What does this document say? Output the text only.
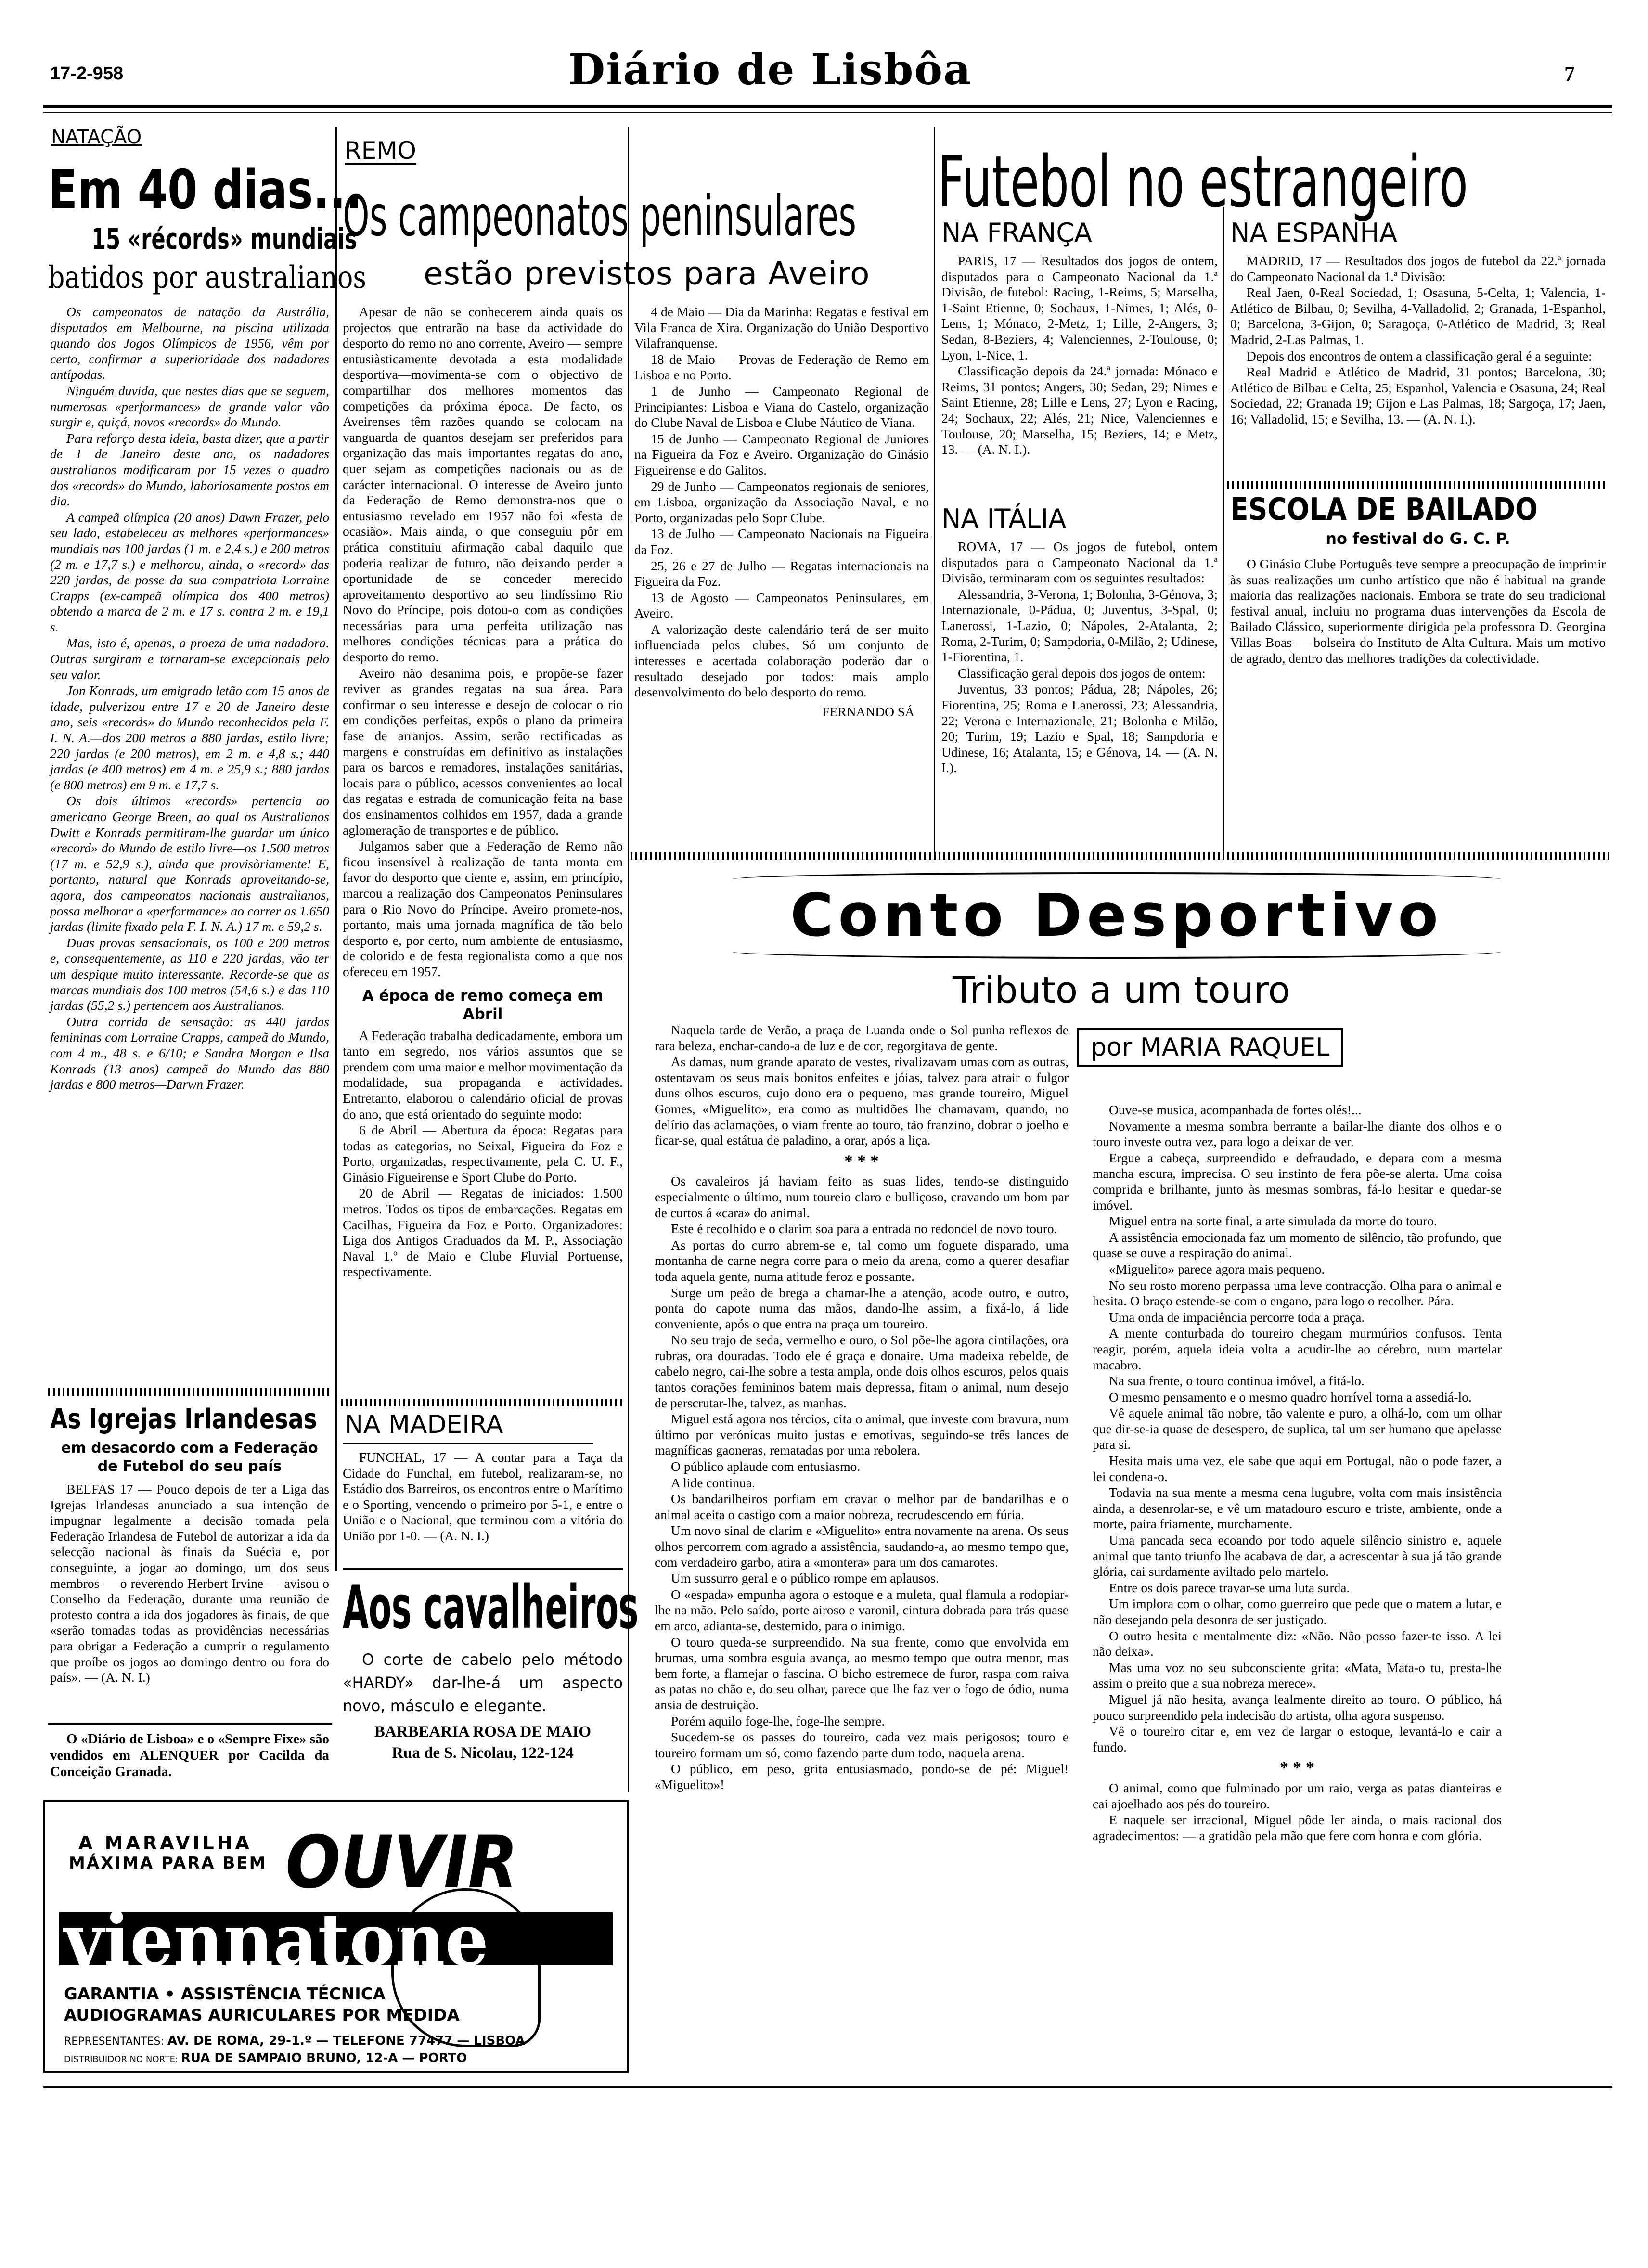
17-2-958	Diário de Lisbôa	7
NATAÇÃO
Em 40 dias...
15 «récords» mundiais
batidos por australianos

Os campeonatos de natação da Austrália, disputados em Melbourne, na piscina utilizada quando dos Jogos Olímpicos de 1956, vêm por certo, confirmar a superioridade dos nadadores antípodas.

Ninguém duvida, que nestes dias que se seguem, numerosas «performances» de grande valor vão surgir e, quiçá, novos «records» do Mundo.

Para reforço desta ideia, basta dizer, que a partir de 1 de Janeiro deste ano, os nadadores australianos modificaram por 15 vezes o quadro dos «records» do Mundo, laboriosamente postos em dia.

A campeã olímpica (20 anos) Dawn Frazer, pelo seu lado, estabeleceu as melhores «performances» mundiais nas 100 jardas (1 m. e 2,4 s.) e 200 metros (2 m. e 17,7 s.) e melhorou, ainda, o «record» das 220 jardas, de posse da sua compatriota Lorraine Crapps (ex-campeã olímpica dos 400 metros) obtendo a marca de 2 m. e 17 s. contra 2 m. e 19,1 s.

Mas, isto é, apenas, a proeza de uma nadadora. Outras surgiram e tornaram-se excepcionais pelo seu valor.

Jon Konrads, um emigrado letão com 15 anos de idade, pulverizou entre 17 e 20 de Janeiro deste ano, seis «records» do Mundo reconhecidos pela F. I. N. A.—dos 200 metros a 880 jardas, estilo livre; 220 jardas (e 200 metros), em 2 m. e 4,8 s.; 440 jardas (e 400 metros) em 4 m. e 25,9 s.; 880 jardas (e 800 metros) em 9 m. e 17,7 s.

Os dois últimos «records» pertencia ao americano George Breen, ao qual os Australianos Dwitt e Konrads permitiram-lhe guardar um único «record» do Mundo de estilo livre—os 1.500 metros (17 m. e 52,9 s.), ainda que provisòriamente! E, portanto, natural que Konrads aproveitando-se, agora, dos campeonatos nacionais australianos, possa melhorar a «performance» ao correr as 1.650 jardas (limite fixado pela F. I. N. A.) 17 m. e 59,2 s.

Duas provas sensacionais, os 100 e 200 metros e, consequentemente, as 110 e 220 jardas, vão ter um despique muito interessante. Recorde-se que as marcas mundiais dos 100 metros (54,6 s.) e das 110 jardas (55,2 s.) pertencem aos Australianos.

Outra corrida de sensação: as 440 jardas femininas com Lorraine Crapps, campeã do Mundo, com 4 m., 48 s. e 6/10; e Sandra Morgan e Ilsa Konrads (13 anos) campeã do Mundo das 880 jardas e 800 metros—Darwn Frazer.

As Igrejas Irlandesas
em desacordo com a Federação de Futebol do seu país

BELFAS 17 — Pouco depois de ter a Liga das Igrejas Irlandesas anunciado a sua intenção de impugnar legalmente a decisão tomada pela Federação Irlandesa de Futebol de autorizar a ida da selecção nacional às finais da Suécia e, por conseguinte, a jogar ao domingo, um dos seus membros — o reverendo Herbert Irvine — avisou o Conselho da Federação, durante uma reunião de protesto contra a ida dos jogadores às finais, de que «serão tomadas todas as providências necessárias para obrigar a Federação a cumprir o regulamento que proíbe os jogos ao domingo dentro ou fora do país». — (A. N. I.)

O «Diário de Lisboa» e o «Sempre Fixe» são vendidos em ALENQUER por Cacilda da Conceição Granada.

A MARAVILHA
MÁXIMA PARA BEM OUVIR
viennatone
GARANTIA • ASSISTÊNCIA TÉCNICA
AUDIOGRAMAS AURICULARES POR MEDIDA
REPRESENTANTES: AV. DE ROMA, 29-1.º — TELEFONE 77477 — LISBOA
DISTRIBUIDOR NO NORTE: RUA DE SAMPAIO BRUNO, 12-A — PORTO
REMO
Os campeonatos peninsulares
estão previstos para Aveiro

Apesar de não se conhecerem ainda quais os projectos que entrarão na base da actividade do desporto do remo no ano corrente, Aveiro — sempre entusiàsticamente devotada a esta modalidade desportiva—movimenta-se com o objectivo de compartilhar dos melhores momentos das competições da próxima época. De facto, os Aveirenses têm razões quando se colocam na vanguarda de quantos desejam ser preferidos para organização das mais importantes regatas do ano, quer sejam as competições nacionais ou as de carácter internacional. O interesse de Aveiro junto da Federação de Remo demonstra-nos que o entusiasmo revelado em 1957 não foi «festa de ocasião». Mais ainda, o que conseguiu pôr em prática constituiu afirmação cabal daquilo que poderia realizar de futuro, não deixando perder a oportunidade de se conceder merecido aproveitamento desportivo ao seu lindíssimo Rio Novo do Príncipe, pois dotou-o com as condições necessárias para uma perfeita utilização nas melhores condições técnicas para a prática do desporto do remo.

Aveiro não desanima pois, e propõe-se fazer reviver as grandes regatas na sua área. Para confirmar o seu interesse e desejo de colocar o rio em condições perfeitas, expôs o plano da primeira fase de arranjos. Assim, serão rectificadas as margens e construídas em definitivo as instalações para os barcos e remadores, instalações sanitárias, locais para o público, acessos convenientes ao local das regatas e estrada de comunicação feita na base dos ensinamentos colhidos em 1957, dada a grande aglomeração de transportes e de público.

Julgamos saber que a Federação de Remo não ficou insensível à realização de tanta monta em favor do desporto que ciente e, assim, em princípio, marcou a realização dos Campeonatos Peninsulares para o Rio Novo do Príncipe. Aveiro promete-nos, portanto, mais uma jornada magnífica de tão belo desporto e, por certo, num ambiente de entusiasmo, de colorido e de festa regionalista como a que nos ofereceu em 1957.

A época de remo começa em Abril

A Federação trabalha dedicadamente, embora um tanto em segredo, nos vários assuntos que se prendem com uma maior e melhor movimentação da modalidade, sua propaganda e actividades. Entretanto, elaborou o calendário oficial de provas do ano, que está orientado do seguinte modo:

6 de Abril — Abertura da época: Regatas para todas as categorias, no Seixal, Figueira da Foz e Porto, organizadas, respectivamente, pela C. U. F., Ginásio Figueirense e Sport Clube do Porto.

20 de Abril — Regatas de iniciados: 1.500 metros. Todos os tipos de embarcações. Regatas em Cacilhas, Figueira da Foz e Porto. Organizadores: Liga dos Antigos Graduados da M. P., Associação Naval 1.º de Maio e Clube Fluvial Portuense, respectivamente.

4 de Maio — Dia da Marinha: Regatas e festival em Vila Franca de Xira. Organização do União Desportivo Vilafranquense.

18 de Maio — Provas de Federação de Remo em Lisboa e no Porto.

1 de Junho — Campeonato Regional de Principiantes: Lisboa e Viana do Castelo, organização do Clube Naval de Lisboa e Clube Náutico de Viana.

15 de Junho — Campeonato Regional de Juniores na Figueira da Foz e Aveiro. Organização do Ginásio Figueirense e do Galitos.

29 de Junho — Campeonatos regionais de seniores, em Lisboa, organização da Associação Naval, e no Porto, organizadas pelo Sopr Clube.

13 de Julho — Campeonato Nacionais na Figueira da Foz.

25, 26 e 27 de Julho — Regatas internacionais na Figueira da Foz.

13 de Agosto — Campeonatos Peninsulares, em Aveiro.

A valorização deste calendário terá de ser muito influenciada pelos clubes. Só um conjunto de interesses e acertada colaboração poderão dar o resultado desejado por todos: mais amplo desenvolvimento do belo desporto do remo.

FERNANDO SÁ
NA MADEIRA

FUNCHAL, 17 — A contar para a Taça da Cidade do Funchal, em futebol, realizaram-se, no Estádio dos Barreiros, os encontros entre o Marítimo e o Sporting, vencendo o primeiro por 5-1, e entre o União e o Nacional, que terminou com a vitória do União por 1-0. — (A. N. I.)

Aos cavalheiros
O corte de cabelo pelo método «HARDY» dar-lhe-á um aspecto novo, másculo e elegante.
BARBEARIA ROSA DE MAIO
Rua de S. Nicolau, 122-124
Futebol no estrangeiro
NA FRANÇA

PARIS, 17 — Resultados dos jogos de ontem, disputados para o Campeonato Nacional da 1.ª Divisão, de futebol: Racing, 1-Reims, 5; Marselha, 1-Saint Etienne, 0; Sochaux, 1-Nimes, 1; Alés, 0-Lens, 1; Mónaco, 2-Metz, 1; Lille, 2-Angers, 3; Sedan, 8-Beziers, 4; Valenciennes, 2-Toulouse, 0; Lyon, 1-Nice, 1.

Classificação depois da 24.ª jornada: Mónaco e Reims, 31 pontos; Angers, 30; Sedan, 29; Nimes e Saint Etienne, 28; Lille e Lens, 27; Lyon e Racing, 24; Sochaux, 22; Alés, 21; Nice, Valenciennes e Toulouse, 20; Marselha, 15; Beziers, 14; e Metz, 13. — (A. N. I.).

NA ITÁLIA

ROMA, 17 — Os jogos de futebol, ontem disputados para o Campeonato Nacional da 1.ª Divisão, terminaram com os seguintes resultados:

Alessandria, 3-Verona, 1; Bolonha, 3-Génova, 3; Internazionale, 0-Pádua, 0; Juventus, 3-Spal, 0; Lanerossi, 1-Lazio, 0; Nápoles, 2-Atalanta, 2; Roma, 2-Turim, 0; Sampdoria, 0-Milão, 2; Udinese, 1-Fiorentina, 1.

Classificação geral depois dos jogos de ontem:

Juventus, 33 pontos; Pádua, 28; Nápoles, 26; Fiorentina, 25; Roma e Lanerossi, 23; Alessandria, 22; Verona e Internazionale, 21; Bolonha e Milão, 20; Turim, 19; Lazio e Spal, 18; Sampdoria e Udinese, 16; Atalanta, 15; e Génova, 14. — (A. N. I.).

NA ESPANHA

MADRID, 17 — Resultados dos jogos de futebol da 22.ª jornada do Campeonato Nacional da 1.ª Divisão:

Real Jaen, 0-Real Sociedad, 1; Osasuna, 5-Celta, 1; Valencia, 1-Atlético de Bilbau, 0; Sevilha, 4-Valladolid, 2; Granada, 1-Espanhol, 0; Barcelona, 3-Gijon, 0; Saragoça, 0-Atlético de Madrid, 3; Real Madrid, 2-Las Palmas, 1.

Depois dos encontros de ontem a classificação geral é a seguinte:

Real Madrid e Atlético de Madrid, 31 pontos; Barcelona, 30; Atlético de Bilbau e Celta, 25; Espanhol, Valencia e Osasuna, 24; Real Sociedad, 22; Granada 19; Gijon e Las Palmas, 18; Sargoça, 17; Jaen, 16; Valladolid, 15; e Sevilha, 13. — (A. N. I.).

ESCOLA DE BAILADO
no festival do G. C. P.

O Ginásio Clube Português teve sempre a preocupação de imprimir às suas realizações um cunho artístico que não é habitual na grande maioria das realizações nacionais. Embora se trate do seu tradicional festival anual, incluiu no programa duas intervenções da Escola de Bailado Clássico, superiormente dirigida pela professora D. Georgina Villas Boas — bolseira do Instituto de Alta Cultura. Mais um motivo de agrado, dentro das melhores tradições da colectividade.

Conto Desportivo
Tributo a um touro
por MARIA RAQUEL

Naquela tarde de Verão, a praça de Luanda onde o Sol punha reflexos de rara beleza, enchar-cando-a de luz e de cor, regorgitava de gente.

As damas, num grande aparato de vestes, rivalizavam umas com as outras, ostentavam os seus mais bonitos enfeites e jóias, talvez para atrair o fulgor duns olhos escuros, cujo dono era o pequeno, mas grande toureiro, Miguel Gomes, «Miguelito», era como as multidões lhe chamavam, quando, no delírio das aclamações, o viam frente ao touro, tão franzino, dobrar o joelho e ficar-se, qual estátua de paladino, a orar, após a liça.

* * *

Os cavaleiros já haviam feito as suas lides, tendo-se distinguido especialmente o último, num toureio claro e bulliçoso, cravando um bom par de curtos á «cara» do animal.

Este é recolhido e o clarim soa para a entrada no redondel de novo touro.

As portas do curro abrem-se e, tal como um foguete disparado, uma montanha de carne negra corre para o meio da arena, como a querer desafiar toda aquela gente, numa atitude feroz e possante.

Surge um peão de brega a chamar-lhe a atenção, acode outro, e outro, ponta do capote numa das mãos, dando-lhe assim, a fixá-lo, á lide conveniente, após o que entra na praça um toureiro.

No seu trajo de seda, vermelho e ouro, o Sol põe-lhe agora cintilações, ora rubras, ora douradas. Todo ele é graça e donaire. Uma madeixa rebelde, de cabelo negro, cai-lhe sobre a testa ampla, onde dois olhos escuros, pelos quais tantos corações femininos batem mais depressa, fitam o animal, num desejo de perscrutar-lhe, talvez, as manhas.

Miguel está agora nos tércios, cita o animal, que investe com bravura, num último por verónicas muito justas e emotivas, seguindo-se três lances de magníficas gaoneras, rematadas por uma rebolera.

O público aplaude com entusiasmo.

A lide continua.

Os bandarilheiros porfiam em cravar o melhor par de bandarilhas e o animal aceita o castigo com a maior nobreza, recrudescendo em fúria.

Um novo sinal de clarim e «Miguelito» entra novamente na arena. Os seus olhos percorrem com agrado a assistência, saudando-a, ao mesmo tempo que, com verdadeiro garbo, atira a «montera» para um dos camarotes.

Um sussurro geral e o público rompe em aplausos.

O «espada» empunha agora o estoque e a muleta, qual flamula a rodopiar-lhe na mão. Pelo saído, porte airoso e varonil, cintura dobrada para trás quase em arco, adianta-se, destemido, para o inimigo.

O touro queda-se surpreendido. Na sua frente, como que envolvida em brumas, uma sombra esguia avança, ao mesmo tempo que outra menor, mas bem forte, a flamejar o fascina. O bicho estremece de furor, raspa com raiva as patas no chão e, do seu olhar, parece que lhe faz ver o fogo de ódio, numa ansia de destruição.

Porém aquilo foge-lhe, foge-lhe sempre.

Sucedem-se os passes do toureiro, cada vez mais perigosos; touro e toureiro formam um só, como fazendo parte dum todo, naquela arena.

O público, em peso, grita entusiasmado, pondo-se de pé: Miguel! «Miguelito»!

Ouve-se musica, acompanhada de fortes olés!...

Novamente a mesma sombra berrante a bailar-lhe diante dos olhos e o touro investe outra vez, para logo a deixar de ver.

Ergue a cabeça, surpreendido e defraudado, e depara com a mesma mancha escura, imprecisa. O seu instinto de fera põe-se alerta. Uma coisa comprida e brilhante, junto às mesmas sombras, fá-lo hesitar e quedar-se imóvel.

Miguel entra na sorte final, a arte simulada da morte do touro.

A assistência emocionada faz um momento de silêncio, tão profundo, que quase se ouve a respiração do animal.

«Miguelito» parece agora mais pequeno.

No seu rosto moreno perpassa uma leve contracção. Olha para o animal e hesita. O braço estende-se com o engano, para logo o recolher. Pára.

Uma onda de impaciência percorre toda a praça.

A mente conturbada do toureiro chegam murmúrios confusos. Tenta reagir, porém, aquela ideia volta a acudir-lhe ao cérebro, num martelar macabro.

Na sua frente, o touro continua imóvel, a fitá-lo.

O mesmo pensamento e o mesmo quadro horrível torna a assediá-lo.

Vê aquele animal tão nobre, tão valente e puro, a olhá-lo, com um olhar que dir-se-ia quase de desespero, de suplica, tal um ser humano que apelasse para si.

Hesita mais uma vez, ele sabe que aqui em Portugal, não o pode fazer, a lei condena-o.

Todavia na sua mente a mesma cena lugubre, volta com mais insistência ainda, a desenrolar-se, e vê um matadouro escuro e triste, ambiente, onde a morte, paira friamente, murchamente.

Uma pancada seca ecoando por todo aquele silêncio sinistro e, aquele animal que tanto triunfo lhe acabava de dar, a acrescentar à sua já tão grande glória, cai surdamente aviltado pelo martelo.

Entre os dois parece travar-se uma luta surda.

Um implora com o olhar, como guerreiro que pede que o matem a lutar, e não desejando pela desonra de ser justiçado.

O outro hesita e mentalmente diz: «Não. Não posso fazer-te isso. A lei não deixa».

Mas uma voz no seu subconsciente grita: «Mata, Mata-o tu, presta-lhe assim o preito que a sua nobreza merece».

Miguel já não hesita, avança lealmente direito ao touro. O público, há pouco surpreendido pela indecisão do artista, olha agora suspenso.

Vê o toureiro citar e, em vez de largar o estoque, levantá-lo e cair a fundo.

* * *

O animal, como que fulminado por um raio, verga as patas dianteiras e cai ajoelhado aos pés do toureiro.

E naquele ser irracional, Miguel pôde ler ainda, o mais racional dos agradecimentos: — a gratidão pela mão que fere com honra e com glória.
